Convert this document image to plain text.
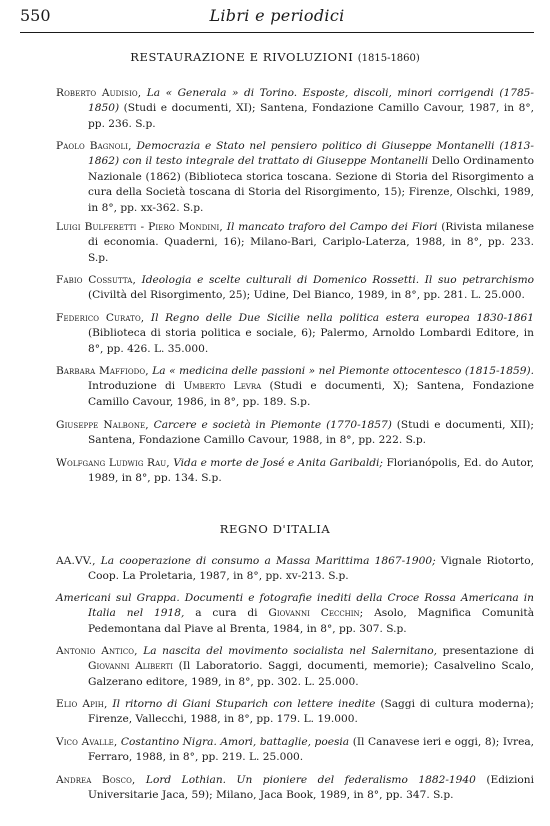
550	Libri e periodici
RESTAURAZIONE E RIVOLUZIONI (1815-1860)
Roberto Audisio, La « Generala » di Torino. Esposte, discoli, minori corrigendi (1785-1850) (Studi e documenti, XI); Santena, Fondazione Camillo Cavour, 1987, in 8°, pp. 236. S.p.
Paolo Bagnoli, Democrazia e Stato nel pensiero politico di Giuseppe Montanelli (1813-1862) con il testo integrale del trattato di Giuseppe Montanelli Dello Ordinamento Nazionale (1862) (Biblioteca storica toscana. Sezione di Storia del Risorgimento a cura della Società toscana di Storia del Risorgimento, 15); Firenze, Olschki, 1989, in 8°, pp. xx-362. S.p.
Luigi Bulferetti - Piero Mondini, Il mancato traforo del Campo dei Fiori (Rivista milanese di economia. Quaderni, 16); Milano-Bari, Cariplo-Laterza, 1988, in 8°, pp. 233. S.p.
Fabio Cossutta, Ideologia e scelte culturali di Domenico Rossetti. Il suo petrarchismo (Civiltà del Risorgimento, 25); Udine, Del Bianco, 1989, in 8°, pp. 281. L. 25.000.
Federico Curato, Il Regno delle Due Sicilie nella politica estera europea 1830-1861 (Biblioteca di storia politica e sociale, 6); Palermo, Arnoldo Lombardi Editore, in 8°, pp. 426. L. 35.000.
Barbara Maffiodo, La « medicina delle passioni » nel Piemonte ottocentesco (1815-1859). Introduzione di Umberto Levra (Studi e documenti, X); Santena, Fondazione Camillo Cavour, 1986, in 8°, pp. 189. S.p.
Giuseppe Nalbone, Carcere e società in Piemonte (1770-1857) (Studi e documenti, XII); Santena, Fondazione Camillo Cavour, 1988, in 8°, pp. 222. S.p.
Wolfgang Ludwig Rau, Vida e morte de José e Anita Garibaldi; Florianópolis, Ed. do Autor, 1989, in 8°, pp. 134. S.p.
REGNO D'ITALIA
AA.VV., La cooperazione di consumo a Massa Marittima 1867-1900; Vignale Riotorto, Coop. La Proletaria, 1987, in 8°, pp. xv-213. S.p.
Americani sul Grappa. Documenti e fotografie inediti della Croce Rossa Americana in Italia nel 1918, a cura di Giovanni Cecchin; Asolo, Magnifica Comunità Pedemontana dal Piave al Brenta, 1984, in 8°, pp. 307. S.p.
Antonio Antico, La nascita del movimento socialista nel Salernitano, presentazione di Giovanni Aliberti (Il Laboratorio. Saggi, documenti, memorie); Casalvelino Scalo, Galzerano editore, 1989, in 8°, pp. 302. L. 25.000.
Elio Apih, Il ritorno di Giani Stuparich con lettere inedite (Saggi di cultura moderna); Firenze, Vallecchi, 1988, in 8°, pp. 179. L. 19.000.
Vico Avalle, Costantino Nigra. Amori, battaglie, poesia (Il Canavese ieri e oggi, 8); Ivrea, Ferraro, 1988, in 8°, pp. 219. L. 25.000.
Andrea Bosco, Lord Lothian. Un pioniere del federalismo 1882-1940 (Edizioni Universitarie Jaca, 59); Milano, Jaca Book, 1989, in 8°, pp. 347. S.p.
